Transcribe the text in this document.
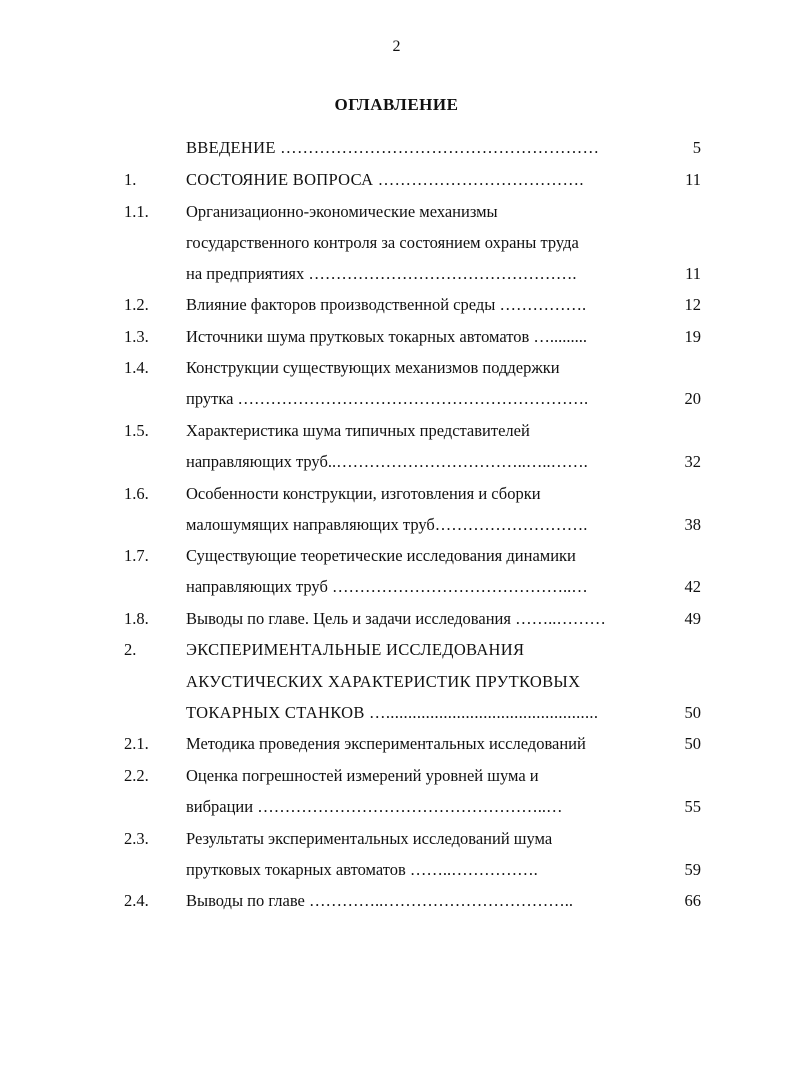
2
ОГЛАВЛЕНИЕ
ВВЕДЕНИЕ …………………………………………………	5
1.	СОСТОЯНИЕ ВОПРОСА ……………………………….	11
1.1. Организационно-экономические механизмы
государственного контроля за состоянием охраны труда
на предприятиях ………………………………………….	11
1.2. Влияние факторов производственной среды …………….	12
1.3. Источники шума прутковых токарных автоматов ….........	19
1.4. Конструкции существующих механизмов поддержки
прутка ……………………………………………………….	20
1.5. Характеристика шума типичных представителей
направляющих труб..……………………………..…..…….	32
1.6. Особенности конструкции, изготовления и сборки
малошумящих направляющих труб……………………….	38
1.7. Существующие теоретические исследования динамики
направляющих труб ……………………………………..…	42
1.8. Выводы по главе. Цель и задачи исследования ……..………	49
2.	ЭКСПЕРИМЕНТАЛЬНЫЕ ИССЛЕДОВАНИЯ
АКУСТИЧЕСКИХ ХАРАКТЕРИСТИК ПРУТКОВЫХ
ТОКАРНЫХ СТАНКОВ …................................................	50
2.1. Методика проведения экспериментальных исследований	50
2.2. Оценка погрешностей измерений уровней шума и
вибрации ……………………………………………..…	55
2.3. Результаты экспериментальных исследований шума
прутковых токарных автоматов ……..…………….	59
2.4. Выводы по главе …………..……………………………..	66
